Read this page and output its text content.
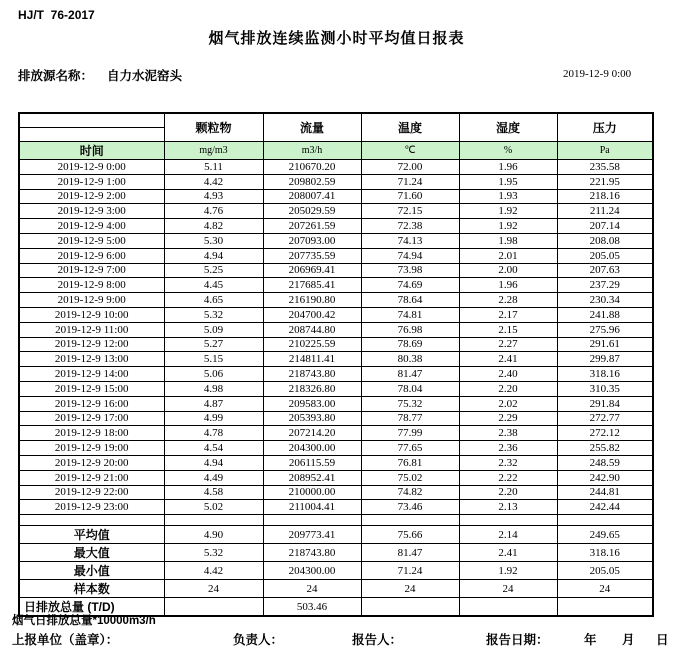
HJ/T  76-2017
烟气排放连续监测小时平均值日报表
排放源名称： 自力水泥窑头	2019-12-9 0:00
	颗粒物	流量	温度	湿度	压力

时间	mg/m3	m3/h	℃	%	Pa
2019-12-9 0:00	5.11	210670.20	72.00	1.96	235.58
2019-12-9 1:00	4.42	209802.59	71.24	1.95	221.95
2019-12-9 2:00	4.93	208007.41	71.60	1.93	218.16
2019-12-9 3:00	4.76	205029.59	72.15	1.92	211.24
2019-12-9 4:00	4.82	207261.59	72.38	1.92	207.14
2019-12-9 5:00	5.30	207093.00	74.13	1.98	208.08
2019-12-9 6:00	4.94	207735.59	74.94	2.01	205.05
2019-12-9 7:00	5.25	206969.41	73.98	2.00	207.63
2019-12-9 8:00	4.45	217685.41	74.69	1.96	237.29
2019-12-9 9:00	4.65	216190.80	78.64	2.28	230.34
2019-12-9 10:00	5.32	204700.42	74.81	2.17	241.88
2019-12-9 11:00	5.09	208744.80	76.98	2.15	275.96
2019-12-9 12:00	5.27	210225.59	78.69	2.27	291.61
2019-12-9 13:00	5.15	214811.41	80.38	2.41	299.87
2019-12-9 14:00	5.06	218743.80	81.47	2.40	318.16
2019-12-9 15:00	4.98	218326.80	78.04	2.20	310.35
2019-12-9 16:00	4.87	209583.00	75.32	2.02	291.84
2019-12-9 17:00	4.99	205393.80	78.77	2.29	272.77
2019-12-9 18:00	4.78	207214.20	77.99	2.38	272.12
2019-12-9 19:00	4.54	204300.00	77.65	2.36	255.82
2019-12-9 20:00	4.94	206115.59	76.81	2.32	248.59
2019-12-9 21:00	4.49	208952.41	75.02	2.22	242.90
2019-12-9 22:00	4.58	210000.00	74.82	2.20	244.81
2019-12-9 23:00	5.02	211004.41	73.46	2.13	242.44

平均值	4.90	209773.41	75.66	2.14	249.65
最大值	5.32	218743.80	81.47	2.41	318.16
最小值	4.42	204300.00	71.24	1.92	205.05
样本数	24	24	24	24	24
日排放总量 (T/D)		503.46			
烟气日排放总量*10000m3/h
上报单位（盖章）：	负责人：	报告人：	报告日期：	年 月 日
